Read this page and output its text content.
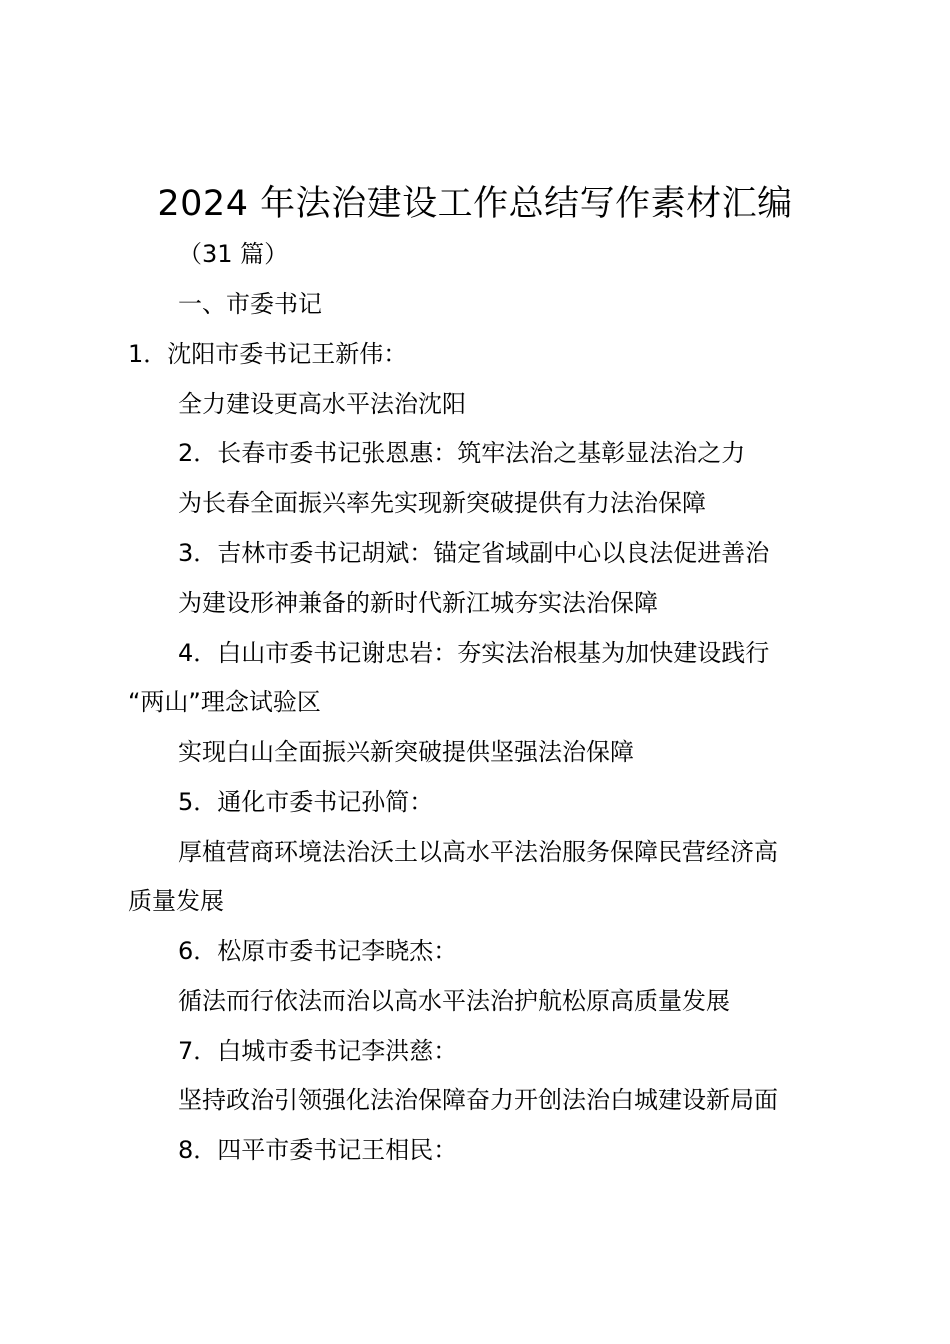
2024 年法治建设工作总结写作素材汇编
（31 篇）
一、市委书记
1．沈阳市委书记王新伟：
全力建设更高水平法治沈阳
2．长春市委书记张恩惠：筑牢法治之基彰显法治之力
为长春全面振兴率先实现新突破提供有力法治保障
3．吉林市委书记胡斌：锚定省域副中心以良法促进善治
为建设形神兼备的新时代新江城夯实法治保障
4．白山市委书记谢忠岩：夯实法治根基为加快建设践行
“两山”理念试验区
实现白山全面振兴新突破提供坚强法治保障
5．通化市委书记孙简：
厚植营商环境法治沃土以高水平法治服务保障民营经济高
质量发展
6．松原市委书记李晓杰：
循法而行依法而治以高水平法治护航松原高质量发展
7．白城市委书记李洪慈：
坚持政治引领强化法治保障奋力开创法治白城建设新局面
8．四平市委书记王相民：
